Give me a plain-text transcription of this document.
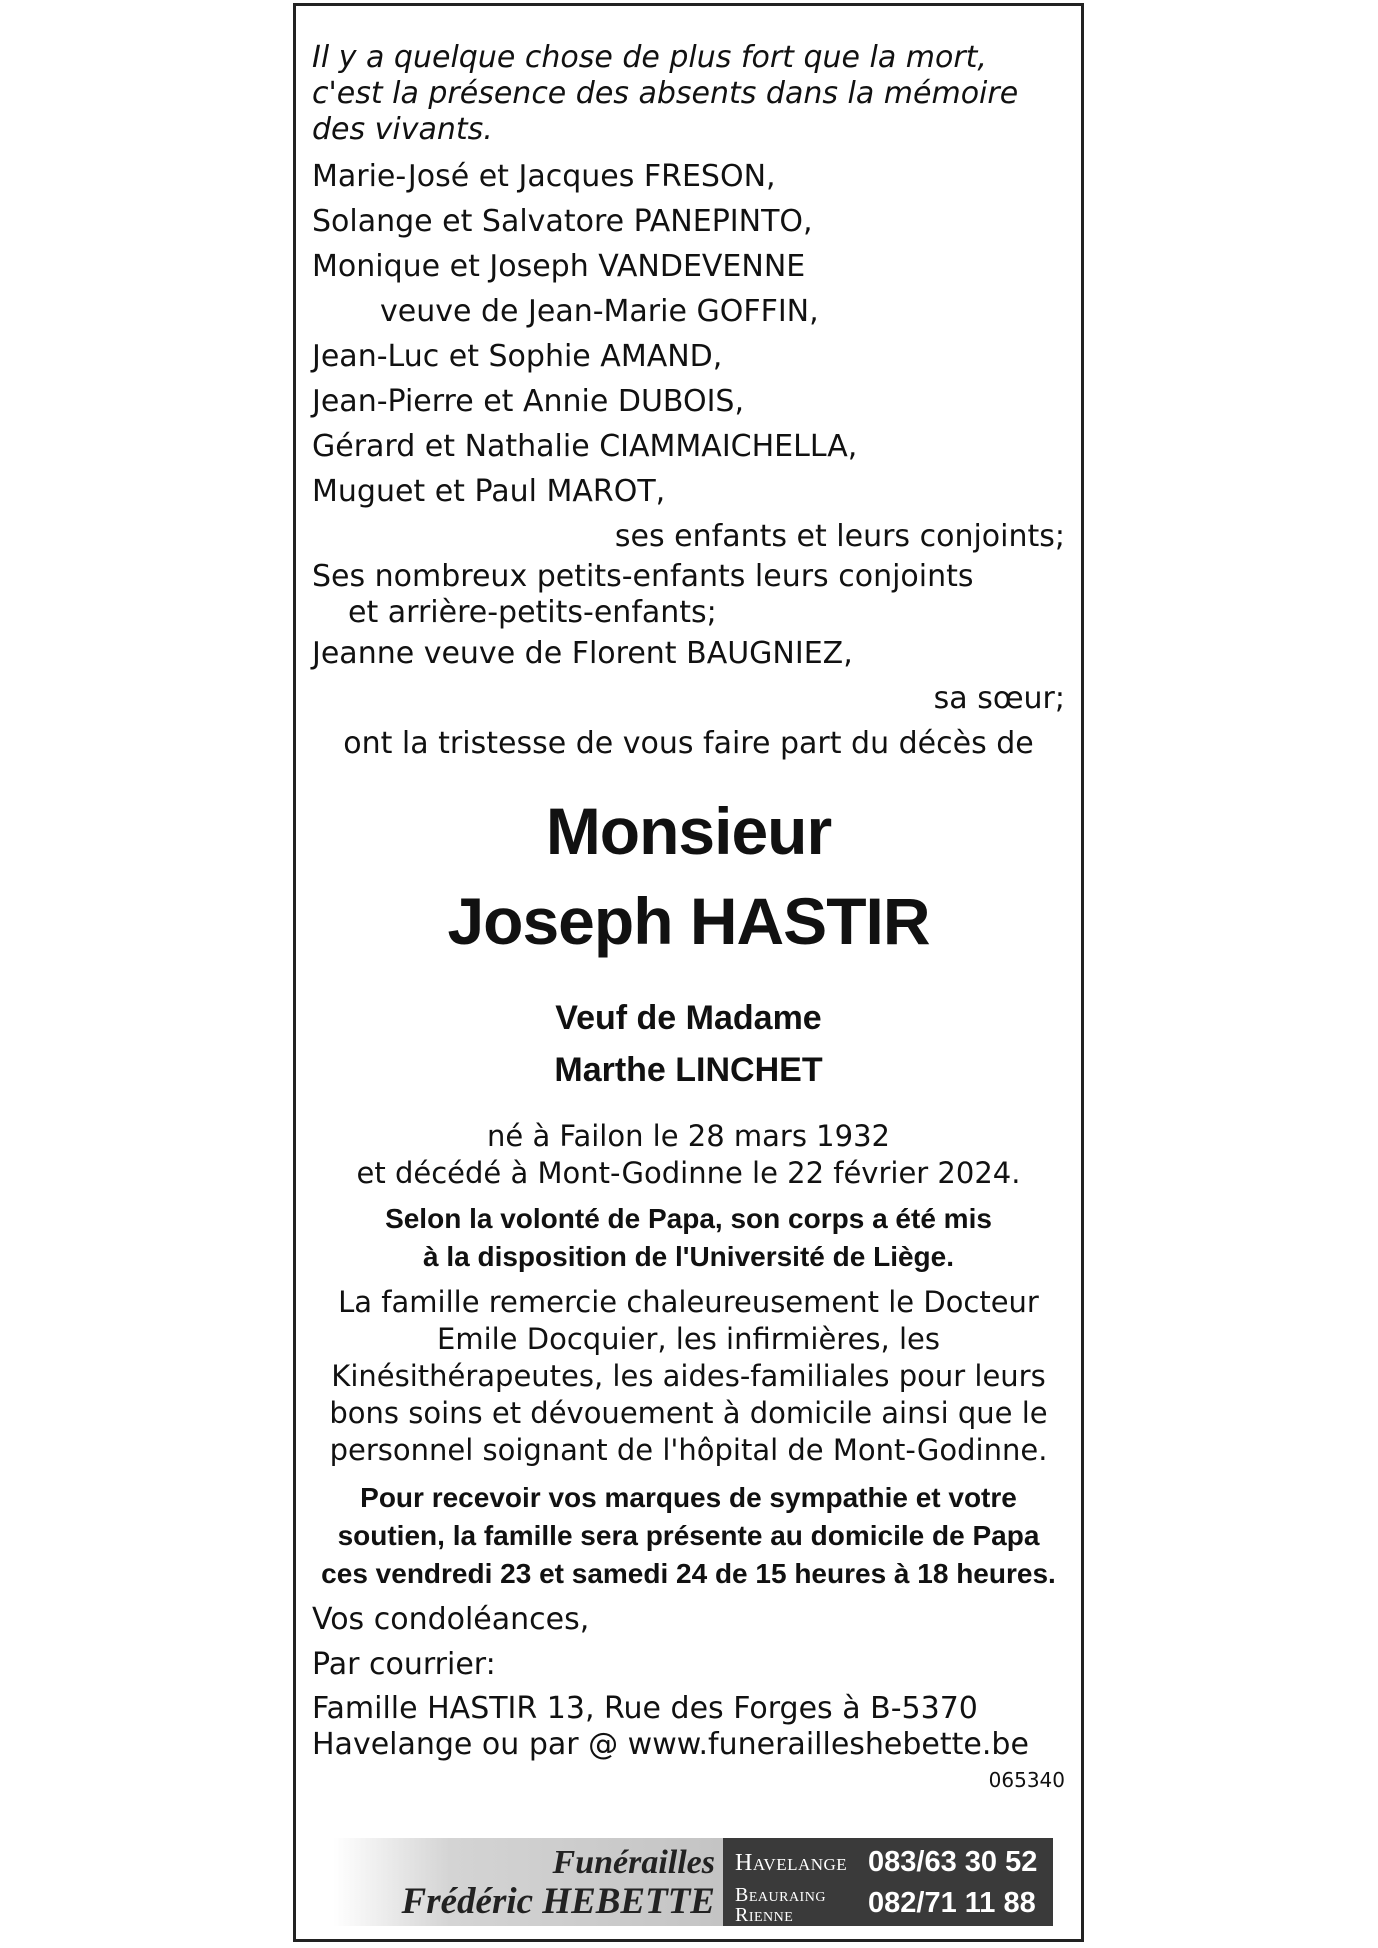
Il y a quelque chose de plus fort que la mort,

c'est la présence des absents dans la mémoire

des vivants.

Marie-José et Jacques FRESON,

Solange et Salvatore PANEPINTO,

Monique et Joseph VANDEVENNE

veuve de Jean-Marie GOFFIN,

Jean-Luc et Sophie AMAND,

Jean-Pierre et Annie DUBOIS,

Gérard et Nathalie CIAMMAICHELLA,

Muguet et Paul MAROT,

ses enfants et leurs conjoints;

Ses nombreux petits-enfants leurs conjoints

et arrière-petits-enfants;

Jeanne veuve de Florent BAUGNIEZ,

sa sœur;

ont la tristesse de vous faire part du décès de

Monsieur

Joseph HASTIR

Veuf de Madame

Marthe LINCHET

né à Failon le 28 mars 1932

et décédé à Mont-Godinne le 22 février 2024.

Selon la volonté de Papa, son corps a été mis

à la disposition de l'Université de Liège.

La famille remercie chaleureusement le Docteur

Emile Docquier, les infirmières, les

Kinésithérapeutes, les aides-familiales pour leurs

bons soins et dévouement à domicile ainsi que le

personnel soignant de l'hôpital de Mont-Godinne.

Pour recevoir vos marques de sympathie et votre

soutien, la famille sera présente au domicile de Papa

ces vendredi 23 et samedi 24 de 15 heures à 18 heures.

Vos condoléances,

Par courrier:

Famille HASTIR 13, Rue des Forges à B-5370

Havelange ou par @ www.funerailleshebette.be

065340

Funérailles
Frédéric HEBETTE
Havelange 083/63 30 52
Beauraing
Rienne	082/71 11 88
